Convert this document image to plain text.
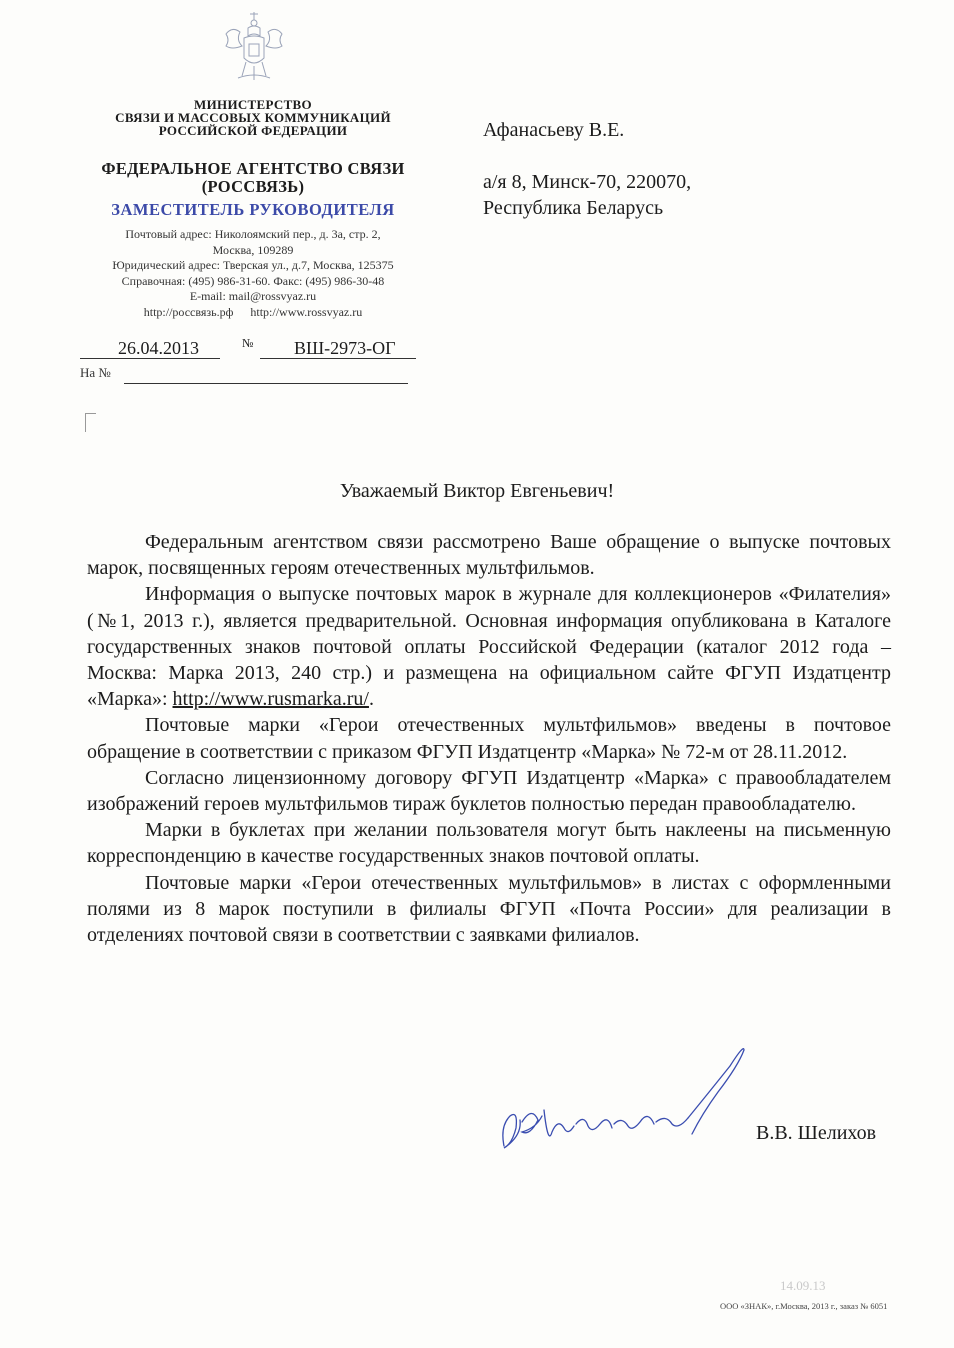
МИНИСТЕРСТВО
СВЯЗИ И МАССОВЫХ КОММУНИКАЦИЙ
РОССИЙСКОЙ ФЕДЕРАЦИИ
ФЕДЕРАЛЬНОЕ АГЕНТСТВО СВЯЗИ
(РОССВЯЗЬ)
ЗАМЕСТИТЕЛЬ РУКОВОДИТЕЛЯ
Почтовый адрес: Николоямский пер., д. 3а, стр. 2,
Москва, 109289
Юридический адрес: Тверская ул., д.7, Москва, 125375
Справочная: (495) 986-31-60. Факс: (495) 986-30-48
E-mail: mail@rossvyaz.ru
http://россвязь.рф http://www.rossvyaz.ru
26.04.2013	№ ВШ-2973-ОГ
На №
Афанасьеву В.Е.
а/я 8, Минск-70, 220070,
Республика Беларусь
Уважаемый Виктор Евгеньевич!

Федеральным агентством связи рассмотрено Ваше обращение о выпуске почтовых марок, посвященных героям отечественных мультфильмов.

Информация о выпуске почтовых марок в журнале для коллекционеров «Филателия» (№1, 2013 г.), является предварительной. Основная информация опубликована в Каталоге государственных знаков почтовой оплаты Российской Федерации (каталог 2012 года – Москва: Марка 2013, 240 стр.) и размещена на официальном сайте ФГУП Издатцентр «Марка»: http://www.rusmarka.ru/.

Почтовые марки «Герои отечественных мультфильмов» введены в почтовое обращение в соответствии с приказом ФГУП Издатцентр «Марка» № 72-м от 28.11.2012.

Согласно лицензионному договору ФГУП Издатцентр «Марка» с правообладателем изображений героев мультфильмов тираж буклетов полностью передан правообладателю.

Марки в буклетах при желании пользователя могут быть наклеены на письменную корреспонденцию в качестве государственных знаков почтовой оплаты.

Почтовые марки «Герои отечественных мультфильмов» в листах с оформленными полями из 8 марок поступили в филиалы ФГУП «Почта России» для реализации в отделениях почтовой связи в соответствии с заявками филиалов.

В.В. Шелихов
14.09.13
ООО «ЗНАК», г.Москва, 2013 г., заказ № 6051
